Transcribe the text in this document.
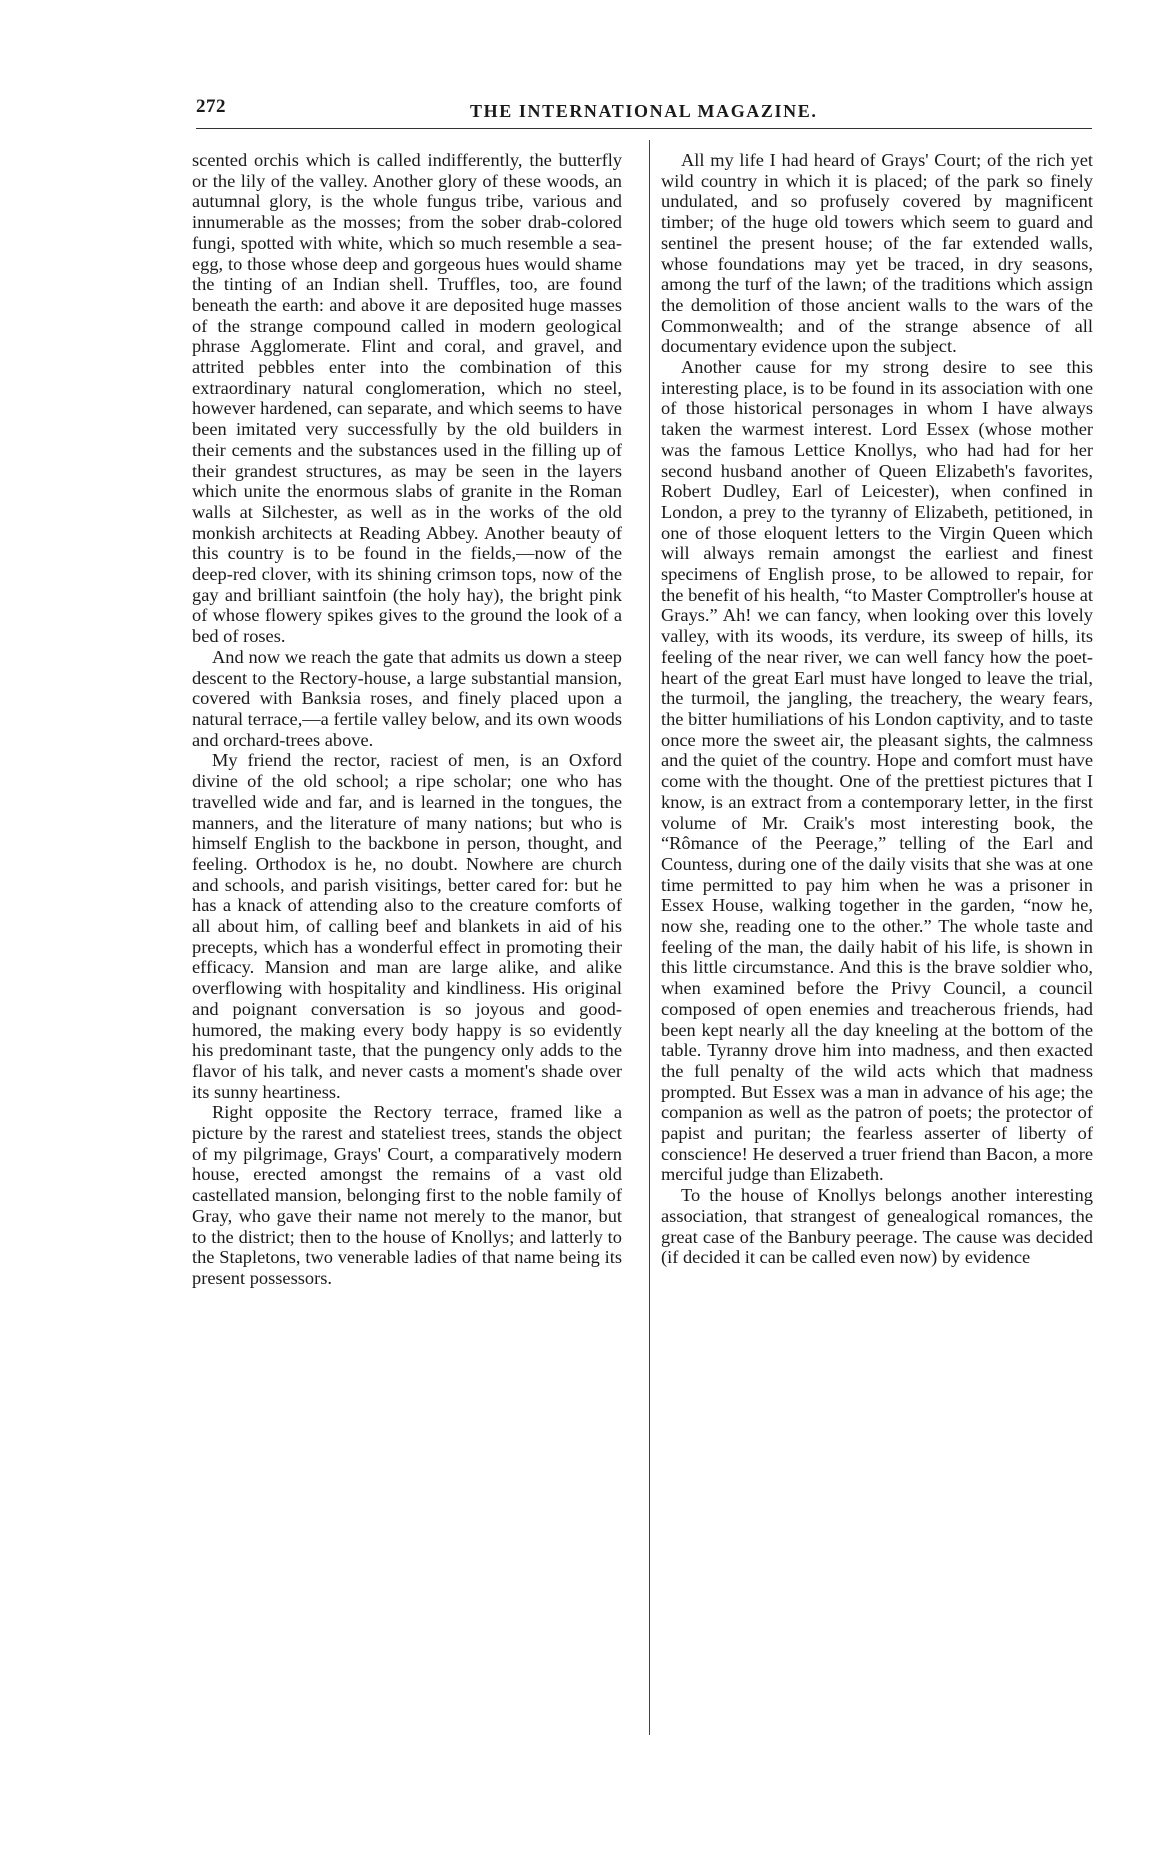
272	THE INTERNATIONAL MAGAZINE.

scented orchis which is called indifferently, the butterfly or the lily of the valley. Another glory of these woods, an autumnal glory, is the whole fungus tribe, various and innumerable as the mosses; from the sober drab-colored fungi, spotted with white, which so much resemble a sea-egg, to those whose deep and gorgeous hues would shame the tinting of an Indian shell. Truffles, too, are found beneath the earth: and above it are deposited huge masses of the strange compound called in modern geological phrase Agglomerate. Flint and coral, and gravel, and attrited pebbles enter into the combination of this extraordinary natural conglomeration, which no steel, however hardened, can separate, and which seems to have been imitated very successfully by the old builders in their cements and the substances used in the filling up of their grandest structures, as may be seen in the layers which unite the enormous slabs of granite in the Roman walls at Silchester, as well as in the works of the old monkish architects at Reading Abbey. Another beauty of this country is to be found in the fields,—now of the deep-red clover, with its shining crimson tops, now of the gay and brilliant saintfoin (the holy hay), the bright pink of whose flowery spikes gives to the ground the look of a bed of roses.

And now we reach the gate that admits us down a steep descent to the Rectory-house, a large substantial mansion, covered with Banksia roses, and finely placed upon a natural terrace,—a fertile valley below, and its own woods and orchard-trees above.

My friend the rector, raciest of men, is an Oxford divine of the old school; a ripe scholar; one who has travelled wide and far, and is learned in the tongues, the manners, and the literature of many nations; but who is himself English to the backbone in person, thought, and feeling. Orthodox is he, no doubt. Nowhere are church and schools, and parish visitings, better cared for: but he has a knack of attending also to the creature comforts of all about him, of calling beef and blankets in aid of his precepts, which has a wonderful effect in promoting their efficacy. Mansion and man are large alike, and alike overflowing with hospitality and kindliness. His original and poignant conversation is so joyous and good-humored, the making every body happy is so evidently his predominant taste, that the pungency only adds to the flavor of his talk, and never casts a moment's shade over its sunny heartiness.

Right opposite the Rectory terrace, framed like a picture by the rarest and stateliest trees, stands the object of my pilgrimage, Grays' Court, a comparatively modern house, erected amongst the remains of a vast old castellated mansion, belonging first to the noble family of Gray, who gave their name not merely to the manor, but to the district; then to the house of Knollys; and latterly to the Stapletons, two venerable ladies of that name being its present possessors.

All my life I had heard of Grays' Court; of the rich yet wild country in which it is placed; of the park so finely undulated, and so profusely covered by magnificent timber; of the huge old towers which seem to guard and sentinel the present house; of the far extended walls, whose foundations may yet be traced, in dry seasons, among the turf of the lawn; of the traditions which assign the demolition of those ancient walls to the wars of the Commonwealth; and of the strange absence of all documentary evidence upon the subject.

Another cause for my strong desire to see this interesting place, is to be found in its association with one of those historical personages in whom I have always taken the warmest interest. Lord Essex (whose mother was the famous Lettice Knollys, who had had for her second husband another of Queen Elizabeth's favorites, Robert Dudley, Earl of Leicester), when confined in London, a prey to the tyranny of Elizabeth, petitioned, in one of those eloquent letters to the Virgin Queen which will always remain amongst the earliest and finest specimens of English prose, to be allowed to repair, for the benefit of his health, “to Master Comptroller's house at Grays.” Ah! we can fancy, when looking over this lovely valley, with its woods, its verdure, its sweep of hills, its feeling of the near river, we can well fancy how the poet-heart of the great Earl must have longed to leave the trial, the turmoil, the jangling, the treachery, the weary fears, the bitter humiliations of his London captivity, and to taste once more the sweet air, the pleasant sights, the calmness and the quiet of the country. Hope and comfort must have come with the thought. One of the prettiest pictures that I know, is an extract from a contemporary letter, in the first volume of Mr. Craik's most interesting book, the “Rômance of the Peerage,” telling of the Earl and Countess, during one of the daily visits that she was at one time permitted to pay him when he was a prisoner in Essex House, walking together in the garden, “now he, now she, reading one to the other.” The whole taste and feeling of the man, the daily habit of his life, is shown in this little circumstance. And this is the brave soldier who, when examined before the Privy Council, a council composed of open enemies and treacherous friends, had been kept nearly all the day kneeling at the bottom of the table. Tyranny drove him into madness, and then exacted the full penalty of the wild acts which that madness prompted. But Essex was a man in advance of his age; the companion as well as the patron of poets; the protector of papist and puritan; the fearless asserter of liberty of conscience! He deserved a truer friend than Bacon, a more merciful judge than Elizabeth.

To the house of Knollys belongs another interesting association, that strangest of genealogical romances, the great case of the Banbury peerage. The cause was decided (if decided it can be called even now) by evidence
